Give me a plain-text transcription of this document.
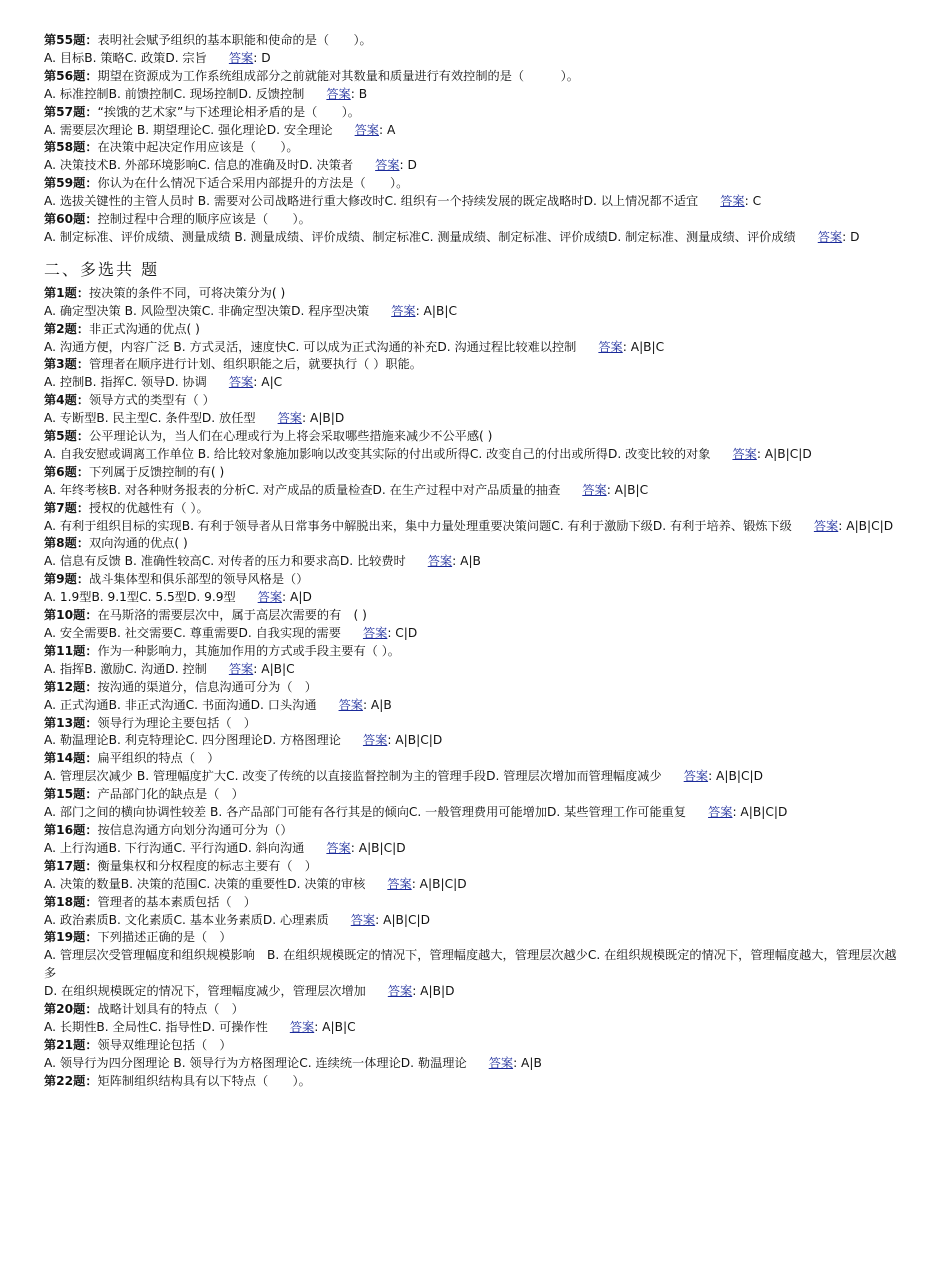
第55题：表明社会赋予组织的基本职能和使命的是（　　）。
A. 目标B. 策略C. 政策D. 宗旨 答案: D
第56题：期望在资源成为工作系统组成部分之前就能对其数量和质量进行有效控制的是（　　　）。
A. 标准控制B. 前馈控制C. 现场控制D. 反馈控制 答案: B
第57题：“挨饿的艺术家”与下述理论相矛盾的是（　　）。
A. 需要层次理论 B. 期望理论C. 强化理论D. 安全理论 答案: A
第58题：在决策中起决定作用应该是（　　）。
A. 决策技术B. 外部环境影响C. 信息的准确及时D. 决策者 答案: D
第59题：你认为在什么情况下适合采用内部提升的方法是（　　）。
A. 选拔关键性的主管人员时 B. 需要对公司战略进行重大修改时C. 组织有一个持续发展的既定战略时D. 以上情况都不适宜 答案: C
第60题：控制过程中合理的顺序应该是（　　）。
A. 制定标准、评价成绩、测量成绩 B. 测量成绩、评价成绩、制定标准C. 测量成绩、制定标准、评价成绩D. 制定标准、测量成绩、评价成绩 答案: D
二、多选共 题
第1题：按决策的条件不同，可将决策分为( )
A. 确定型决策 B. 风险型决策C. 非确定型决策D. 程序型决策 答案: A|B|C
第2题：非正式沟通的优点( )
A. 沟通方便，内容广泛 B. 方式灵活，速度快C. 可以成为正式沟通的补充D. 沟通过程比较难以控制 答案: A|B|C
第3题：管理者在顺序进行计划、组织职能之后，就要执行（ ）职能。
A. 控制B. 指挥C. 领导D. 协调 答案: A|C
第4题：领导方式的类型有（ ）
A. 专断型B. 民主型C. 条件型D. 放任型 答案: A|B|D
第5题：公平理论认为，当人们在心理或行为上将会采取哪些措施来减少不公平感( )
A. 自我安慰或调离工作单位 B. 给比较对象施加影响以改变其实际的付出或所得C. 改变自己的付出或所得D. 改变比较的对象 答案: A|B|C|D
第6题：下列属于反馈控制的有( )
A. 年终考核B. 对各种财务报表的分析C. 对产成品的质量检查D. 在生产过程中对产品质量的抽查 答案: A|B|C
第7题：授权的优越性有（ ）。
A. 有利于组织目标的实现B. 有利于领导者从日常事务中解脱出来，集中力量处理重要决策问题C. 有利于激励下级D. 有利于培养、锻炼下级 答案: A|B|C|D
第8题：双向沟通的优点( )
A. 信息有反馈 B. 准确性较高C. 对传者的压力和要求高D. 比较费时 答案: A|B
第9题：战斗集体型和俱乐部型的领导风格是（）
A. 1.9型B. 9.1型C. 5.5型D. 9.9型 答案: A|D
第10题：在马斯洛的需要层次中，属于高层次需要的有　( )
A. 安全需要B. 社交需要C. 尊重需要D. 自我实现的需要 答案: C|D
第11题：作为一种影响力，其施加作用的方式或手段主要有（ ）。
A. 指挥B. 激励C. 沟通D. 控制 答案: A|B|C
第12题：按沟通的渠道分，信息沟通可分为（　）
A. 正式沟通B. 非正式沟通C. 书面沟通D. 口头沟通 答案: A|B
第13题：领导行为理论主要包括（　）
A. 勒温理论B. 利克特理论C. 四分图理论D. 方格图理论 答案: A|B|C|D
第14题：扁平组织的特点（　）
A. 管理层次减少 B. 管理幅度扩大C. 改变了传统的以直接监督控制为主的管理手段D. 管理层次增加而管理幅度减少 答案: A|B|C|D
第15题：产品部门化的缺点是（　）
A. 部门之间的横向协调性较差 B. 各产品部门可能有各行其是的倾向C. 一般管理费用可能增加D. 某些管理工作可能重复 答案: A|B|C|D
第16题：按信息沟通方向划分沟通可分为（）
A. 上行沟通B. 下行沟通C. 平行沟通D. 斜向沟通 答案: A|B|C|D
第17题：衡量集权和分权程度的标志主要有（　）
A. 决策的数量B. 决策的范围C. 决策的重要性D. 决策的审核 答案: A|B|C|D
第18题：管理者的基本素质包括（　）
A. 政治素质B. 文化素质C. 基本业务素质D. 心理素质 答案: A|B|C|D
第19题：下列描述正确的是（　）
A. 管理层次受管理幅度和组织规模影响　B. 在组织规模既定的情况下，管理幅度越大，管理层次越少C. 在组织规模既定的情况下，管理幅度越大，管理层次越多
D. 在组织规模既定的情况下，管理幅度减少，管理层次增加 答案: A|B|D
第20题：战略计划具有的特点（　）
A. 长期性B. 全局性C. 指导性D. 可操作性 答案: A|B|C
第21题：领导双维理论包括（　）
A. 领导行为四分图理论 B. 领导行为方格图理论C. 连续统一体理论D. 勒温理论 答案: A|B
第22题：矩阵制组织结构具有以下特点（　　）。
